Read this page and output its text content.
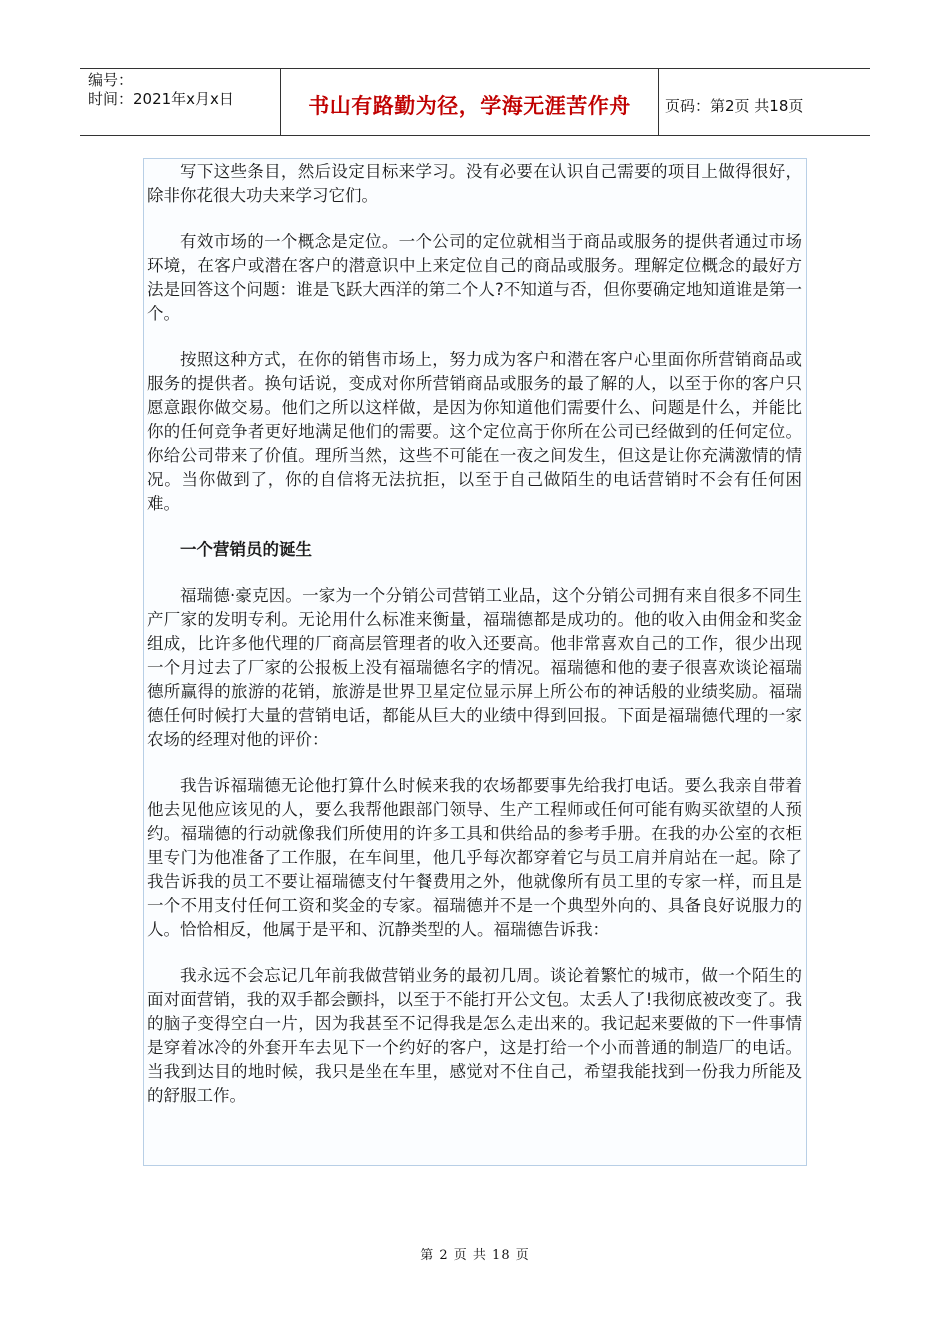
编号：
时间：2021年x月x日	书山有路勤为径，学海无涯苦作舟	页码：第2页 共18页

写下这些条目，然后设定目标来学习。没有必要在认识自己需要的项目上做得很好，除非你花很大功夫来学习它们。

有效市场的一个概念是定位。一个公司的定位就相当于商品或服务的提供者通过市场环境，在客户或潜在客户的潜意识中上来定位自己的商品或服务。理解定位概念的最好方法是回答这个问题：谁是飞跃大西洋的第二个人?不知道与否，但你要确定地知道谁是第一个。

按照这种方式，在你的销售市场上，努力成为客户和潜在客户心里面你所营销商品或服务的提供者。换句话说，变成对你所营销商品或服务的最了解的人，以至于你的客户只愿意跟你做交易。他们之所以这样做，是因为你知道他们需要什么、问题是什么，并能比你的任何竞争者更好地满足他们的需要。这个定位高于你所在公司已经做到的任何定位。你给公司带来了价值。理所当然，这些不可能在一夜之间发生，但这是让你充满激情的情况。当你做到了，你的自信将无法抗拒，以至于自己做陌生的电话营销时不会有任何困难。

一个营销员的诞生

福瑞德·豪克因。一家为一个分销公司营销工业品，这个分销公司拥有来自很多不同生产厂家的发明专利。无论用什么标准来衡量，福瑞德都是成功的。他的收入由佣金和奖金组成，比许多他代理的厂商高层管理者的收入还要高。他非常喜欢自己的工作，很少出现一个月过去了厂家的公报板上没有福瑞德名字的情况。福瑞德和他的妻子很喜欢谈论福瑞德所赢得的旅游的花销，旅游是世界卫星定位显示屏上所公布的神话般的业绩奖励。福瑞德任何时候打大量的营销电话，都能从巨大的业绩中得到回报。下面是福瑞德代理的一家农场的经理对他的评价：

我告诉福瑞德无论他打算什么时候来我的农场都要事先给我打电话。要么我亲自带着他去见他应该见的人，要么我帮他跟部门领导、生产工程师或任何可能有购买欲望的人预约。福瑞德的行动就像我们所使用的许多工具和供给品的参考手册。在我的办公室的衣柜里专门为他准备了工作服，在车间里，他几乎每次都穿着它与员工肩并肩站在一起。除了我告诉我的员工不要让福瑞德支付午餐费用之外，他就像所有员工里的专家一样，而且是一个不用支付任何工资和奖金的专家。福瑞德并不是一个典型外向的、具备良好说服力的人。恰恰相反，他属于是平和、沉静类型的人。福瑞德告诉我：

我永远不会忘记几年前我做营销业务的最初几周。谈论着繁忙的城市，做一个陌生的面对面营销，我的双手都会颤抖，以至于不能打开公文包。太丢人了!我彻底被改变了。我的脑子变得空白一片，因为我甚至不记得我是怎么走出来的。我记起来要做的下一件事情是穿着冰冷的外套开车去见下一个约好的客户，这是打给一个小而普通的制造厂的电话。当我到达目的地时候，我只是坐在车里，感觉对不住自己，希望我能找到一份我力所能及的舒服工作。

第 2 页 共 18 页
